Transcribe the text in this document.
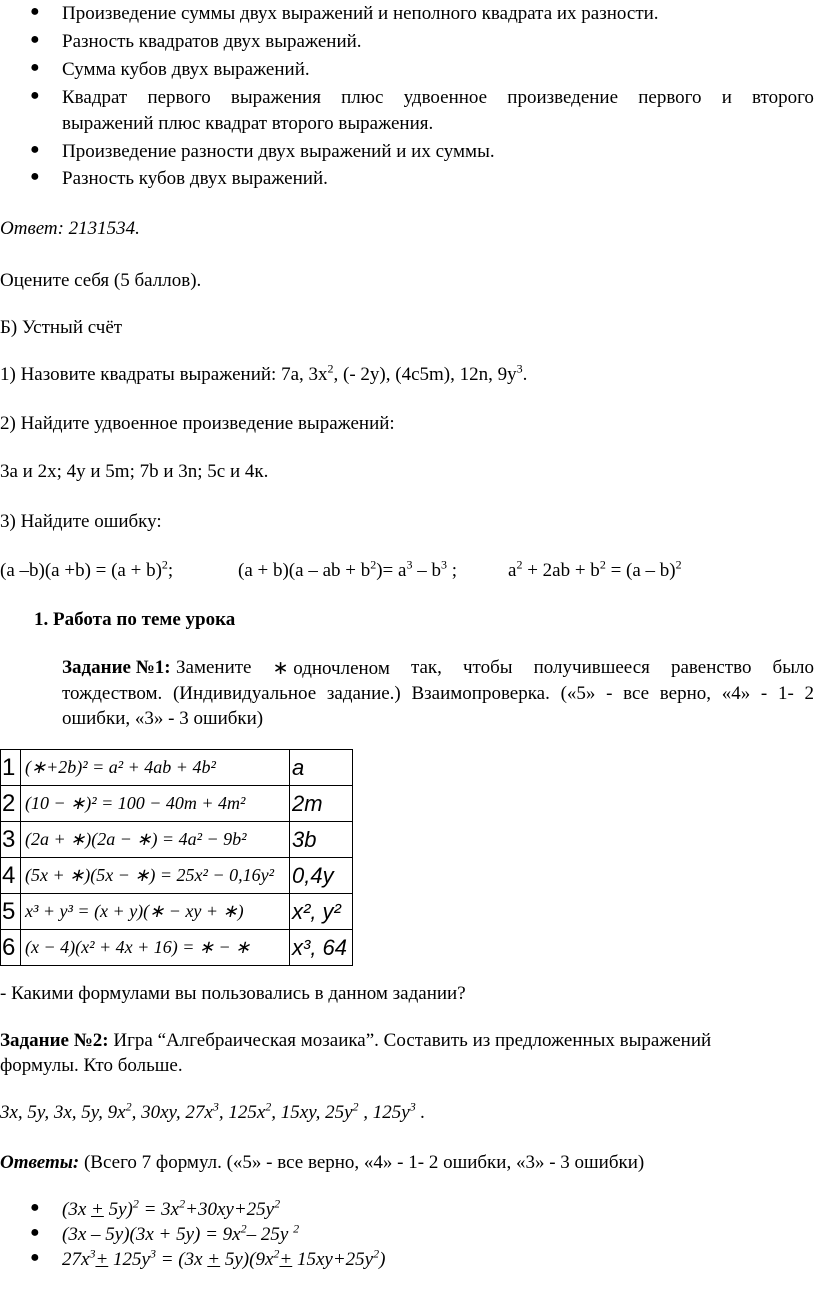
● Произведение суммы двух выражений и неполного квадрата их разности.
● Разность квадратов двух выражений.
● Сумма кубов двух выражений.
● Квадрат первого выражения плюс удвоенное произведение первого и второго
выражений плюс квадрат второго выражения.
● Произведение разности двух выражений и их суммы.
● Разность кубов двух выражений.
Ответ: 2131534.
Оцените себя (5 баллов).
Б) Устный счёт
1) Назовите квадраты выражений: 7а, $3х^2$, (- 2у), (4с5m), 12n, $9у^3$.
2) Найдите удвоенное произведение выражений:
3a и 2х; 4у и 5m; 7b и 3n; 5с и 4к.
3) Найдите ошибку:
(а $-b)(а +b) = (а + b)^2$;	(а + b)(а – аb + $b^2)= а^3 - b^3$ ;	$а^2 + 2аb + b^2 = (а - b)^2$
1. Работа по теме урока
Задание №1: Замените ∗ одночленом так, чтобы получившееся равенство было
тождеством. (Индивидуальное задание.) Взаимопроверка. («5» - все верно, «4» - 1- 2
ошибки, «3» - 3 ошибки)
1	(∗+2b)² = a² + 4ab + 4b²	a
2	(10 − ∗)² = 100 − 40m + 4m²	2m
3	(2a + ∗)(2a − ∗) = 4a² − 9b²	3b
4	(5x + ∗)(5x − ∗) = 25x² − 0,16y²	0,4y
5	x³ + y³ = (x + y)(∗ − xy + ∗)	x², y²
6	(x − 4)(x² + 4x + 16) = ∗ − ∗	x³, 64
- Какими формулами вы пользовались в данном задании?
Задание №2: Игра “Алгебраическая мозаика”. Составить из предложенных выражений
формулы. Кто больше.
3x, 5y, 3x, 5y, $9x^2$, 30xy, $27x^3$, $125x^2$, 15xy, $25y^2$ , $125y^3$ .
Ответы: (Всего 7 формул. («5» - все верно, «4» - 1- 2 ошибки, «3» - 3 ошибки)
● $(3x + 5y)^2 = 3x^2+30xy+25y^2$
● $(3x - 5y)(3x + 5y) = 9x^2-$ 25y $^2$
● $27x^3+ 125y^3 = (3x + 5y)(9x^2+ 15xy+25y^2)$
